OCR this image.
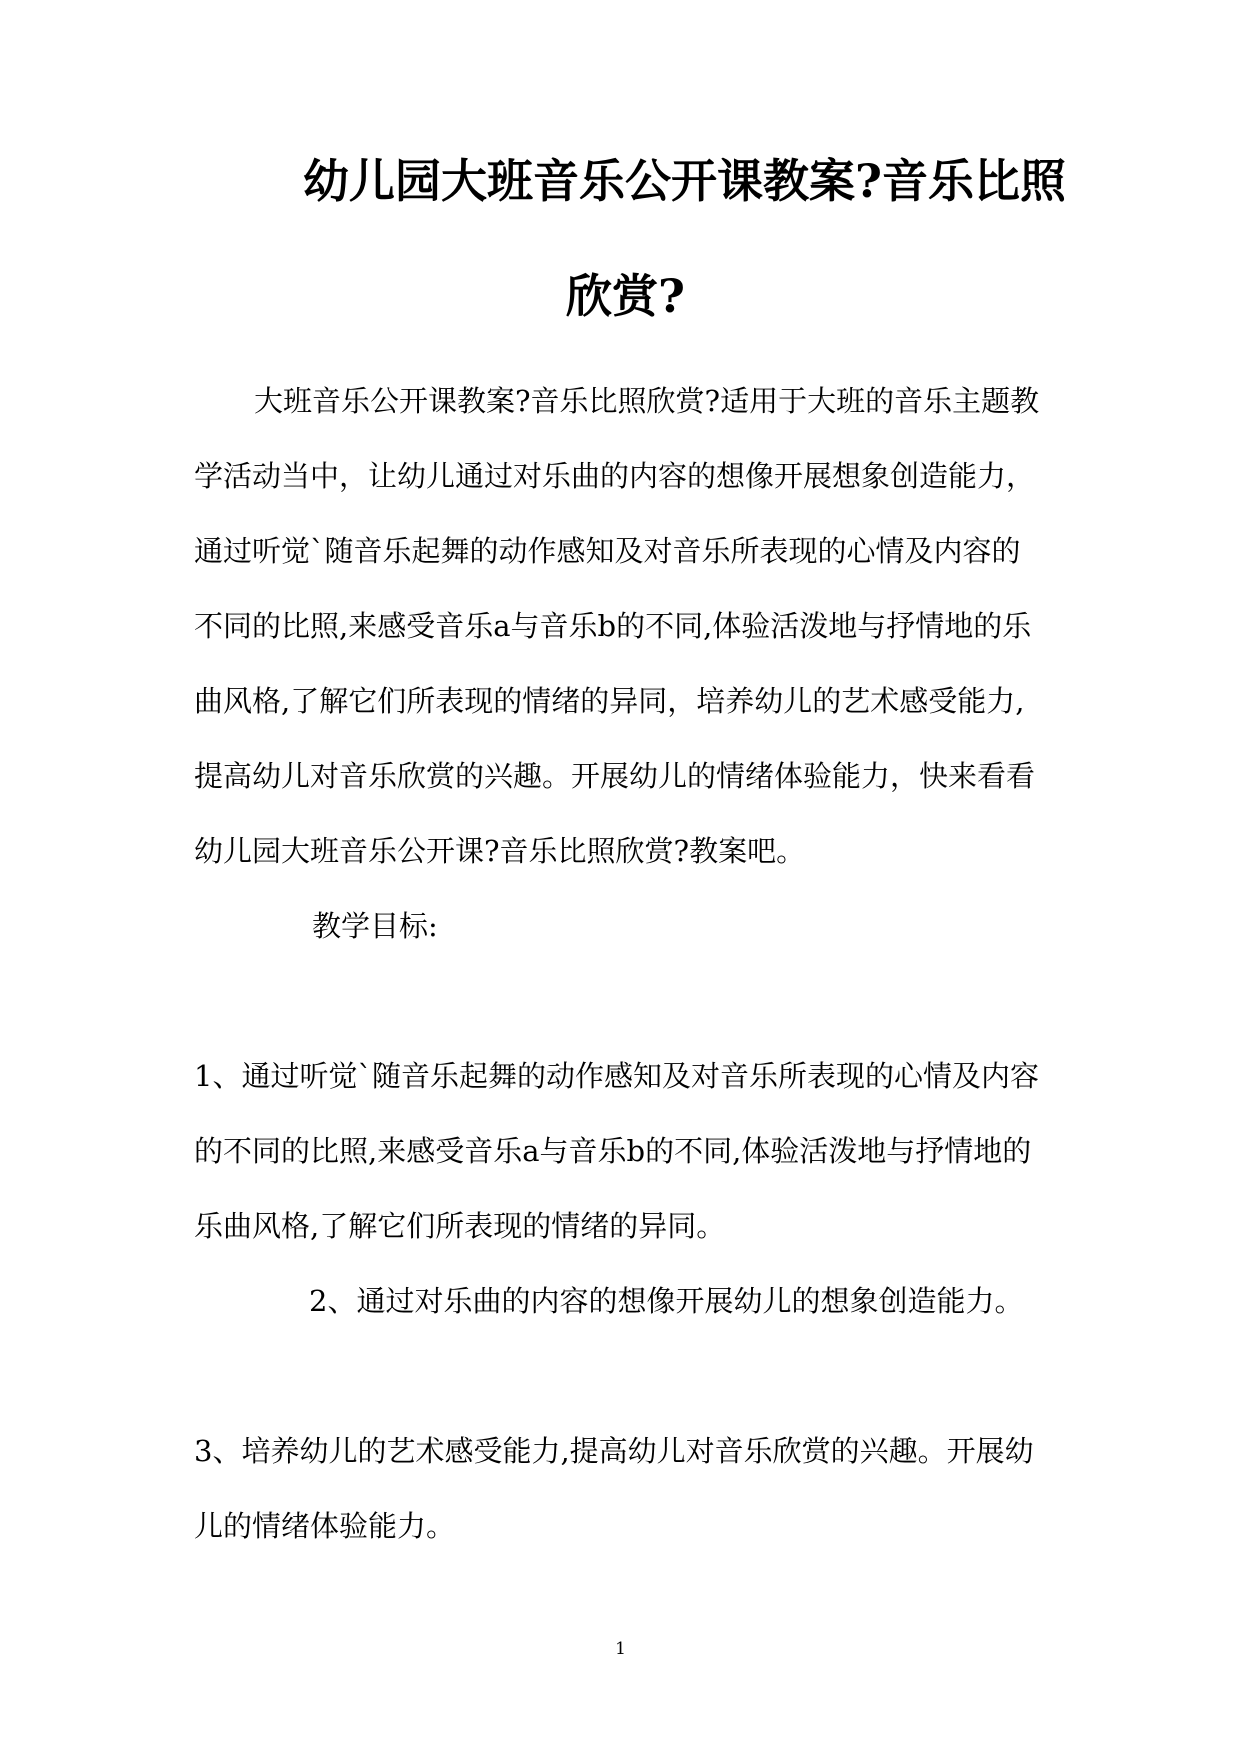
幼儿园大班音乐公开课教案?音乐比照
欣赏?
大班音乐公开课教案?音乐比照欣赏?适用于大班的音乐主题教
学活动当中，让幼儿通过对乐曲的内容的想像开展想象创造能力，
通过听觉`随音乐起舞的动作感知及对音乐所表现的心情及内容的
不同的比照,来感受音乐a与音乐b的不同,体验活泼地与抒情地的乐
曲风格,了解它们所表现的情绪的异同，培养幼儿的艺术感受能力,
提高幼儿对音乐欣赏的兴趣。开展幼儿的情绪体验能力，快来看看
幼儿园大班音乐公开课?音乐比照欣赏?教案吧。
教学目标:
1、通过听觉`随音乐起舞的动作感知及对音乐所表现的心情及内容
的不同的比照,来感受音乐a与音乐b的不同,体验活泼地与抒情地的
乐曲风格,了解它们所表现的情绪的异同。
2、通过对乐曲的内容的想像开展幼儿的想象创造能力。
3、培养幼儿的艺术感受能力,提高幼儿对音乐欣赏的兴趣。开展幼
儿的情绪体验能力。
1
